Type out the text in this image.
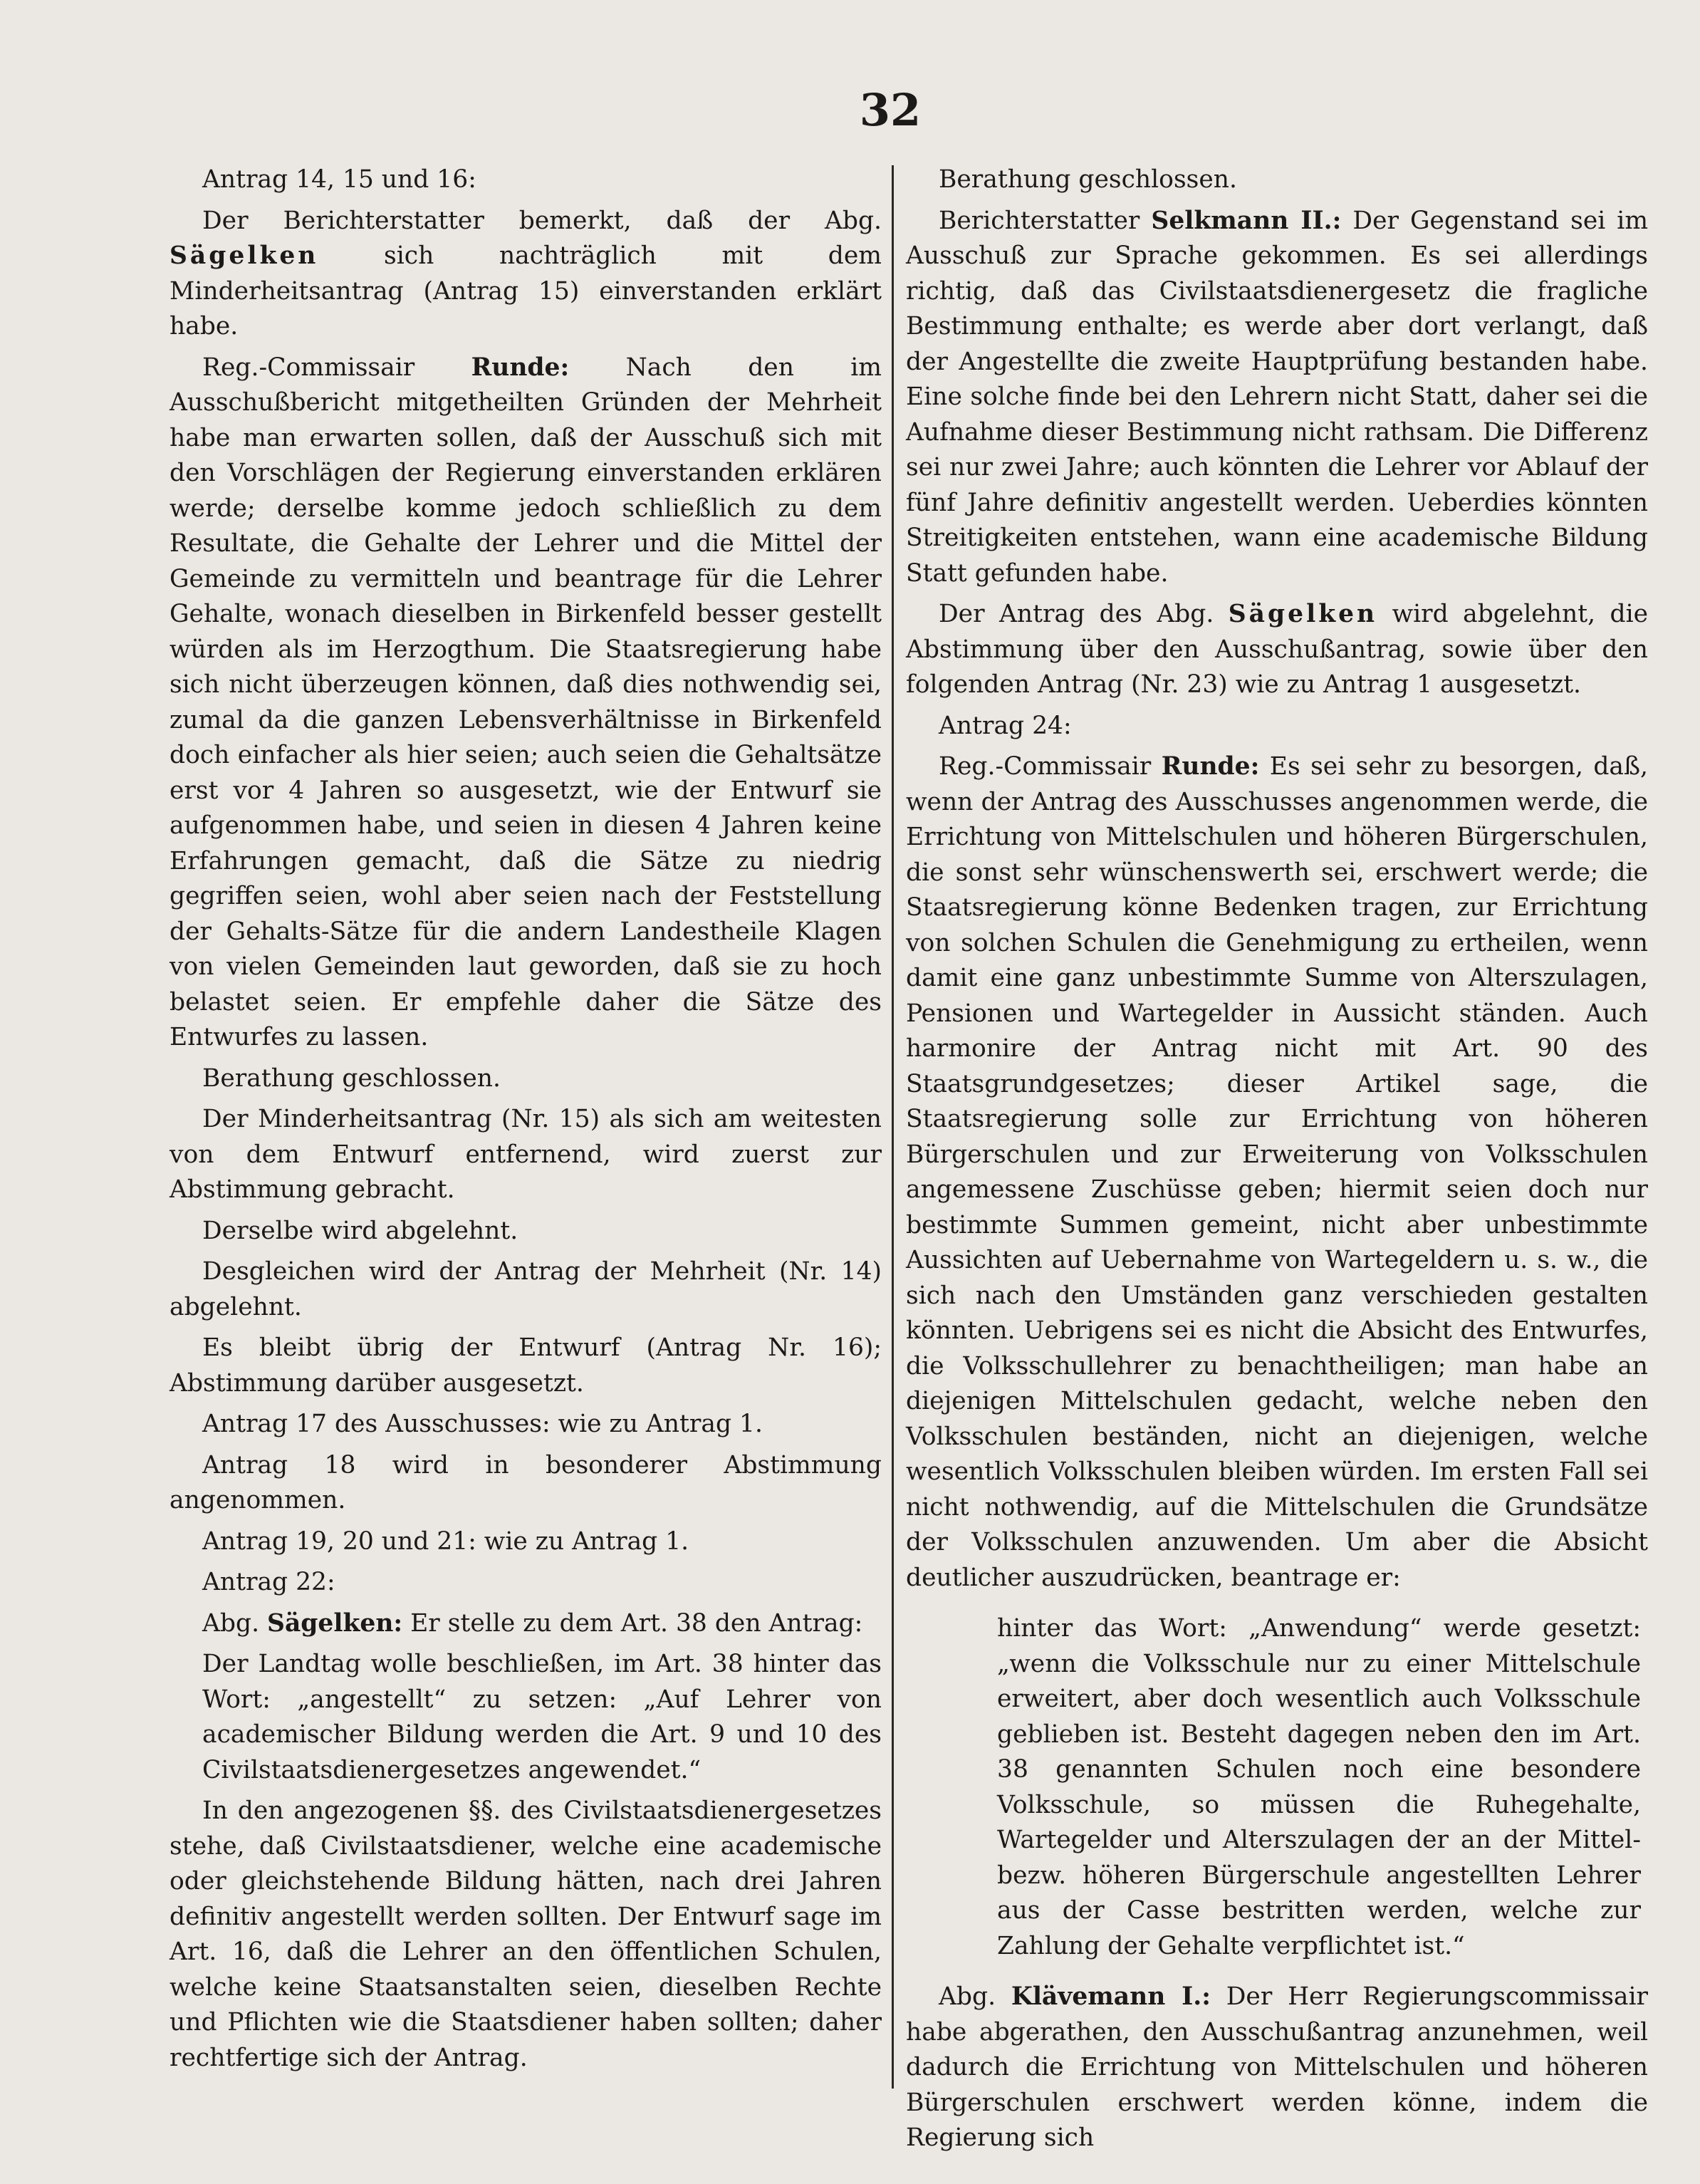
32

Antrag 14, 15 und 16:

Der Berichterstatter bemerkt, daß der Abg. Sägelken	sich nachträglich mit dem Minderheitsantrag (Antrag 15) einverstanden erklärt habe.

Reg.-Commissair Runde: Nach den im Ausschußbericht mitgetheilten Gründen der Mehrheit habe man erwarten sollen, daß der Ausschuß sich mit den Vorschlägen der Regierung einverstanden erklären werde; derselbe komme jedoch schließlich zu dem Resultate, die Gehalte der Lehrer und die Mittel der Gemeinde zu vermitteln und beantrage für die Lehrer Gehalte, wonach dieselben in Birkenfeld besser gestellt würden als im Herzogthum. Die Staatsregierung habe sich nicht überzeugen können, daß dies nothwendig sei, zumal da die ganzen Lebensverhältnisse in Birkenfeld doch einfacher als hier seien; auch seien die Gehaltsätze erst vor 4 Jahren so ausgesetzt, wie der Entwurf sie aufgenommen habe, und seien in diesen 4 Jahren keine Erfahrungen gemacht, daß die Sätze zu niedrig gegriffen seien, wohl aber seien nach der Feststellung der Gehalts-Sätze für die andern Landestheile Klagen von vielen Gemeinden laut geworden, daß sie zu hoch belastet seien. Er empfehle daher die Sätze des Entwurfes zu lassen.

Berathung geschlossen.

Der Minderheitsantrag (Nr. 15) als sich am weitesten von dem Entwurf entfernend, wird zuerst zur Abstimmung gebracht.

Derselbe wird abgelehnt.

Desgleichen wird der Antrag der Mehrheit (Nr. 14) abgelehnt.

Es bleibt übrig der Entwurf (Antrag Nr. 16); Abstimmung darüber ausgesetzt.

Antrag 17 des Ausschusses: wie zu Antrag 1.

Antrag 18 wird in besonderer Abstimmung angenommen.

Antrag 19, 20 und 21: wie zu Antrag 1.

Antrag 22:

Abg. Sägelken: Er stelle zu dem Art. 38 den Antrag:

Der Landtag wolle beschließen, im Art. 38 hinter das Wort: „angestellt“ zu setzen: „Auf Lehrer von academischer Bildung werden die Art. 9 und 10 des Civilstaatsdienergesetzes angewendet.“

In den angezogenen §§. des Civilstaatsdienergesetzes stehe, daß Civilstaatsdiener, welche eine academische oder gleichstehende Bildung hätten, nach drei Jahren definitiv angestellt werden sollten. Der Entwurf sage im Art. 16, daß die Lehrer an den öffentlichen Schulen, welche keine Staatsanstalten seien, dieselben Rechte und Pflichten wie die Staatsdiener haben sollten; daher rechtfertige sich der Antrag.

Berathung geschlossen.

Berichterstatter Selkmann II.: Der Gegenstand sei im Ausschuß zur Sprache gekommen. Es sei allerdings richtig, daß das Civilstaatsdienergesetz die fragliche Bestimmung enthalte; es werde aber dort verlangt, daß der Angestellte die zweite Hauptprüfung bestanden habe. Eine solche finde bei den Lehrern nicht Statt, daher sei die Aufnahme dieser Bestimmung nicht rathsam. Die Differenz sei nur zwei Jahre; auch könnten die Lehrer vor Ablauf der fünf Jahre definitiv angestellt werden. Ueberdies könnten Streitigkeiten entstehen, wann eine academische Bildung Statt gefunden habe.

Der Antrag des Abg. Sägelken wird abgelehnt, die Abstimmung über den Ausschußantrag, sowie über den folgenden Antrag (Nr. 23) wie zu Antrag 1 ausgesetzt.

Antrag 24:

Reg.-Commissair Runde: Es sei sehr zu besorgen, daß, wenn der Antrag des Ausschusses angenommen werde, die Errichtung von Mittelschulen und höheren Bürgerschulen, die sonst sehr wünschenswerth sei, erschwert werde; die Staatsregierung könne Bedenken tragen, zur Errichtung von solchen Schulen die Genehmigung zu ertheilen, wenn damit eine ganz unbestimmte Summe von Alterszulagen, Pensionen und Wartegelder in Aussicht ständen. Auch harmonire der Antrag nicht mit Art. 90 des Staatsgrundgesetzes; dieser Artikel sage, die Staatsregierung solle zur Errichtung von höheren Bürgerschulen und zur Erweiterung von Volksschulen angemessene Zuschüsse geben; hiermit seien doch nur bestimmte Summen gemeint, nicht aber unbestimmte Aussichten auf Uebernahme von Wartegeldern u. s. w., die sich nach den Umständen ganz verschieden gestalten könnten. Uebrigens sei es nicht die Absicht des Entwurfes, die Volksschullehrer zu benachtheiligen; man habe an diejenigen Mittelschulen gedacht, welche neben den Volksschulen beständen, nicht an diejenigen, welche wesentlich Volksschulen bleiben würden. Im ersten Fall sei nicht nothwendig, auf die Mittelschulen die Grundsätze der Volksschulen anzuwenden. Um aber die Absicht deutlicher auszudrücken, beantrage er:

hinter das Wort: „Anwendung“ werde gesetzt: „wenn die Volksschule nur zu einer Mittelschule erweitert, aber doch wesentlich auch Volksschule geblieben ist. Besteht dagegen neben den im Art. 38 genannten Schulen noch eine besondere Volksschule, so müssen die Ruhegehalte, Wartegelder und Alterszulagen der an der Mittel- bezw. höheren Bürgerschule angestellten Lehrer aus der Casse bestritten werden, welche zur Zahlung der Gehalte verpflichtet ist.“

Abg. Klävemann I.: Der Herr Regierungscommissair habe abgerathen, den Ausschußantrag anzunehmen, weil dadurch die Errichtung von Mittelschulen und höheren Bürgerschulen erschwert werden könne, indem die Regierung sich
